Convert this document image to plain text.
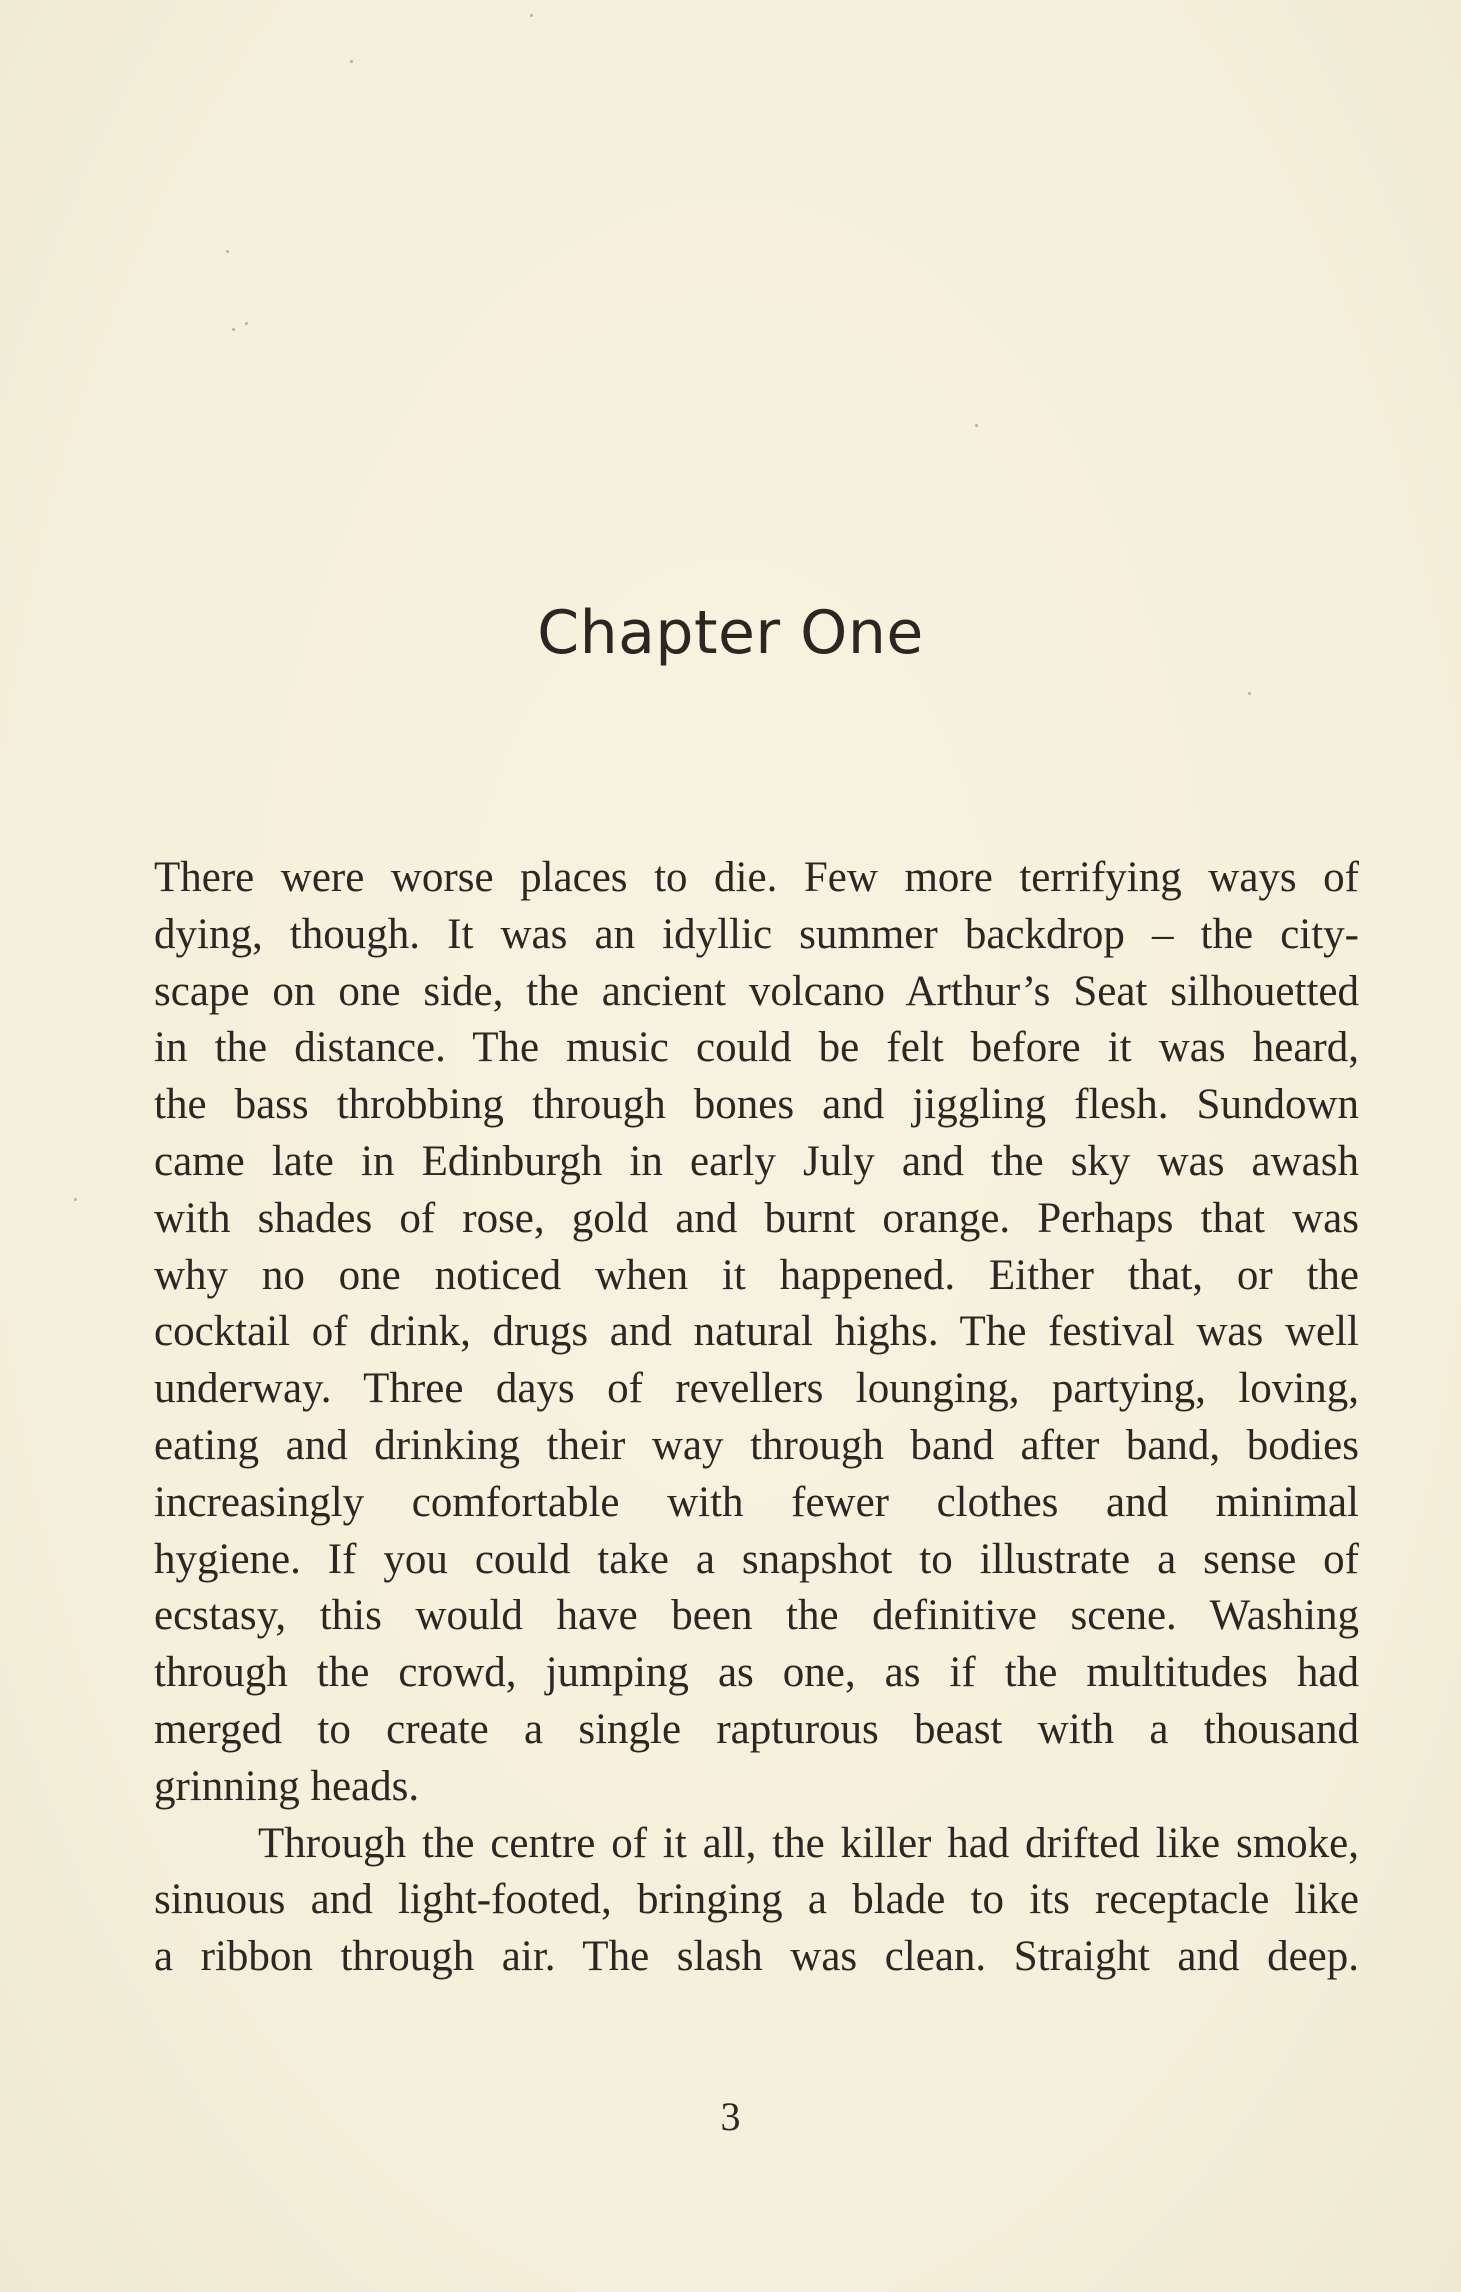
Chapter One

There were worse places to die. Few more terrifying ways of
dying, though. It was an idyllic summer backdrop – the city-
scape on one side, the ancient volcano Arthur’s Seat silhouetted
in the distance. The music could be felt before it was heard,
the bass throbbing through bones and jiggling flesh. Sundown
came late in Edinburgh in early July and the sky was awash
with shades of rose, gold and burnt orange. Perhaps that was
why no one noticed when it happened. Either that, or the
cocktail of drink, drugs and natural highs. The festival was well
underway. Three days of revellers lounging, partying, loving,
eating and drinking their way through band after band, bodies
increasingly comfortable with fewer clothes and minimal
hygiene. If you could take a snapshot to illustrate a sense of
ecstasy, this would have been the definitive scene. Washing
through the crowd, jumping as one, as if the multitudes had
merged to create a single rapturous beast with a thousand
grinning heads.

Through the centre of it all, the killer had drifted like smoke,

sinuous and light-footed, bringing a blade to its receptacle like
a ribbon through air. The slash was clean. Straight and deep.

3
